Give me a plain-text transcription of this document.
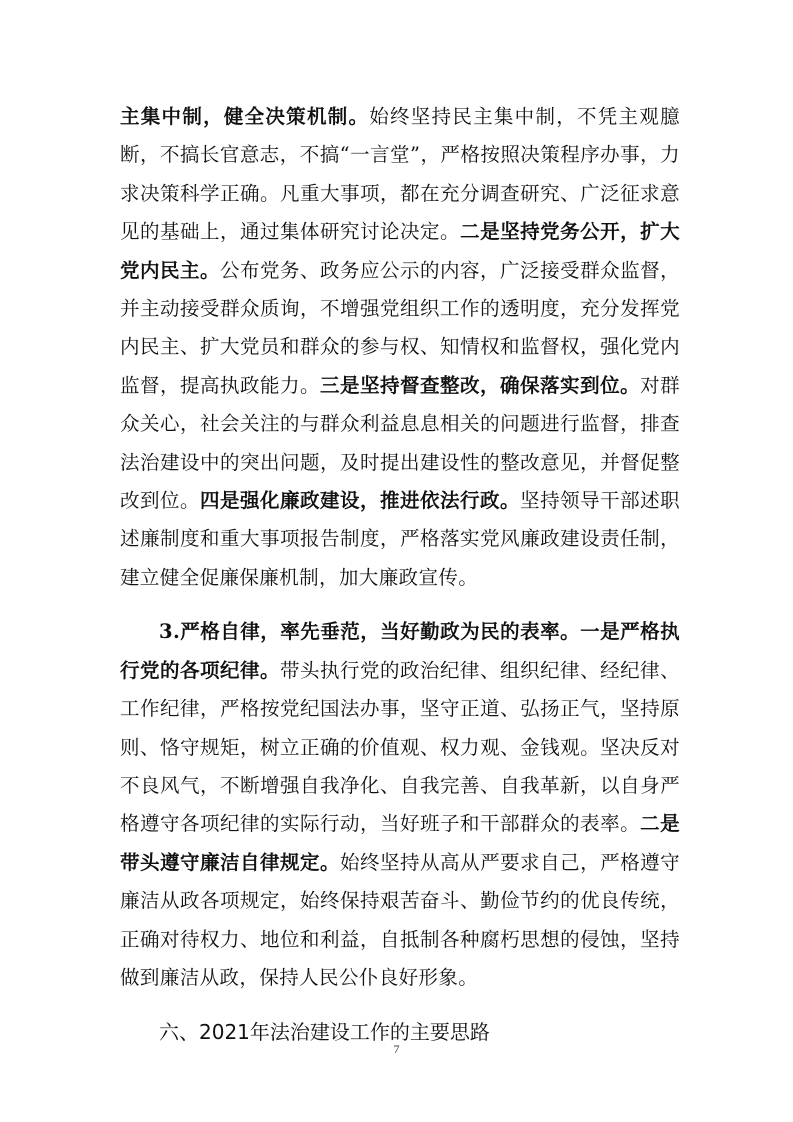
主集中制，健全决策机制。始终坚持民主集中制，不凭主观臆断，不搞长官意志，不搞“一言堂”，严格按照决策程序办事，力求决策科学正确。凡重大事项，都在充分调查研究、广泛征求意见的基础上，通过集体研究讨论决定。二是坚持党务公开，扩大党内民主。公布党务、政务应公示的内容，广泛接受群众监督，并主动接受群众质询，不增强党组织工作的透明度，充分发挥党内民主、扩大党员和群众的参与权、知情权和监督权，强化党内监督，提高执政能力。三是坚持督查整改，确保落实到位。对群众关心，社会关注的与群众利益息息相关的问题进行监督，排查法治建设中的突出问题，及时提出建设性的整改意见，并督促整改到位。四是强化廉政建设，推进依法行政。坚持领导干部述职述廉制度和重大事项报告制度，严格落实党风廉政建设责任制，建立健全促廉保廉机制，加大廉政宣传。

3.严格自律，率先垂范，当好勤政为民的表率。一是严格执行党的各项纪律。带头执行党的政治纪律、组织纪律、经纪律、工作纪律，严格按党纪国法办事，坚守正道、弘扬正气，坚持原则、恪守规矩，树立正确的价值观、权力观、金钱观。坚决反对不良风气，不断增强自我净化、自我完善、自我革新，以自身严格遵守各项纪律的实际行动，当好班子和干部群众的表率。二是带头遵守廉洁自律规定。始终坚持从高从严要求自己，严格遵守廉洁从政各项规定，始终保持艰苦奋斗、勤俭节约的优良传统，正确对待权力、地位和利益，自抵制各种腐朽思想的侵蚀，坚持做到廉洁从政，保持人民公仆良好形象。

六、2021年法治建设工作的主要思路

7
